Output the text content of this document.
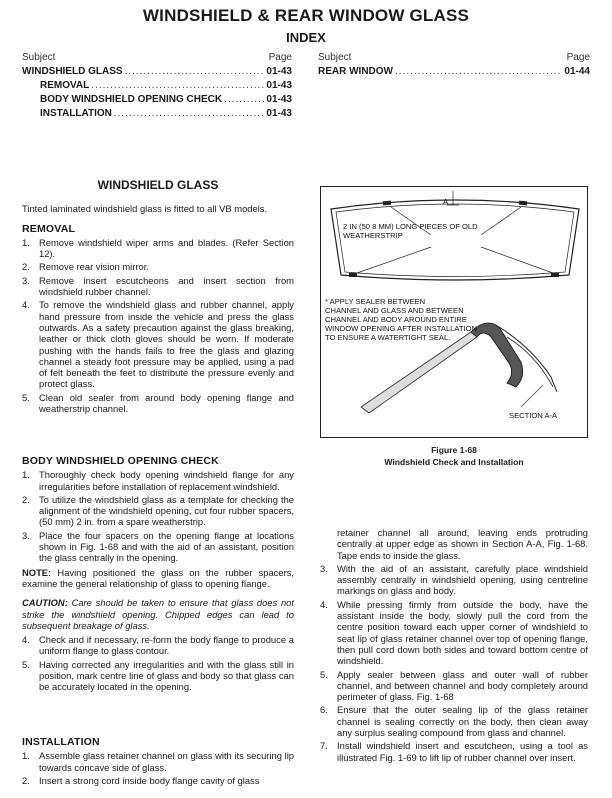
WINDSHIELD & REAR WINDOW GLASS
INDEX
Subject	Page
WINDSHIELD GLASS .....	01-43
REMOVAL .....	01-43
BODY WINDSHIELD OPENING CHECK .....	01-43
INSTALLATION .....	01-43
Subject	Page
REAR WINDOW .....	01-44
WINDSHIELD GLASS
Tinted laminated windshield glass is fitted to all VB models.
REMOVAL
1. Remove windshield wiper arms and blades. (Refer Section 12).
2. Remove rear vision mirror.
3. Remove insert escutcheons and insert section from windshield rubber channel.
4. To remove the windshield glass and rubber channel, apply hand pressure from inside the vehicle and press the glass outwards. As a safety precaution against the glass breaking, leather or thick cloth gloves should be worn. If moderate pushing with the hands fails to free the glass and glazing channel a steady foot pressure may be applied, using a pad of felt beneath the feet to distribute the pressure evenly and protect glass.
5. Clean old sealer from around body opening flange and weatherstrip channel.
BODY WINDSHIELD OPENING CHECK
1. Thoroughly check body opening windshield flange for any irregularities before installation of replacement windshield.
2. To utilize the windshield glass as a template for checking the alignment of the windshield opening, cut four rubber spacers, (50 mm) 2 in. from a spare weatherstrip.
3. Place the four spacers on the opening flange at locations shown in Fig. 1-68 and with the aid of an assistant, position the glass centrally in the opening.
NOTE: Having positioned the glass on the rubber spacers, examine the general relationship of glass to opening flange.
CAUTION: Care should be taken to ensure that glass does not strike the windshield opening. Chipped edges can lead to subsequent breakage of glass.
4. Check and if necessary, re-form the body flange to produce a uniform flange to glass contour.
5. Having corrected any irregularities and with the glass still in position, mark centre line of glass and body so that glass can be accurately located in the opening.
INSTALLATION
1. Assemble glass retainer channel on glass with its securing lip towards concave side of glass.
2. Insert a strong cord inside body flange cavity of glass
A
2 IN (50 8 MM) LONG PIECES OF OLD
WEATHERSTRIP
* APPLY SEALER BETWEEN
CHANNEL AND GLASS AND BETWEEN
CHANNEL AND BODY AROUND ENTIRE
WINDOW OPENING AFTER INSTALLATION
TO ENSURE A WATERTIGHT SEAL.
SECTION A-A
Figure 1-68
Windshield Check and Installation
retainer channel all around, leaving ends protruding centrally at upper edge as shown in Section A-A, Fig. 1-68. Tape ends to inside the glass.
3. With the aid of an assistant, carefully place windshield assembly centrally in windshield opening, using centreline markings on glass and body.
4. While pressing firmly from outside the body, have the assistant inside the body, slowly pull the cord from the centre position toward each upper corner of windshield to seat lip of glass retainer channel over top of opening flange, then pull cord down both sides and toward bottom centre of windshield.
5. Apply sealer between glass and outer wall of rubber channel, and between channel and body completely around perimeter of glass. Fig. 1-68
6. Ensure that the outer sealing lip of the glass retainer channel is sealing correctly on the body, then clean away any surplus sealing compound from glass and channel.
7. Install windshield insert and escutcheon, using a tool as illustrated Fig. 1-69 to lift lip of rubber channel over insert.
